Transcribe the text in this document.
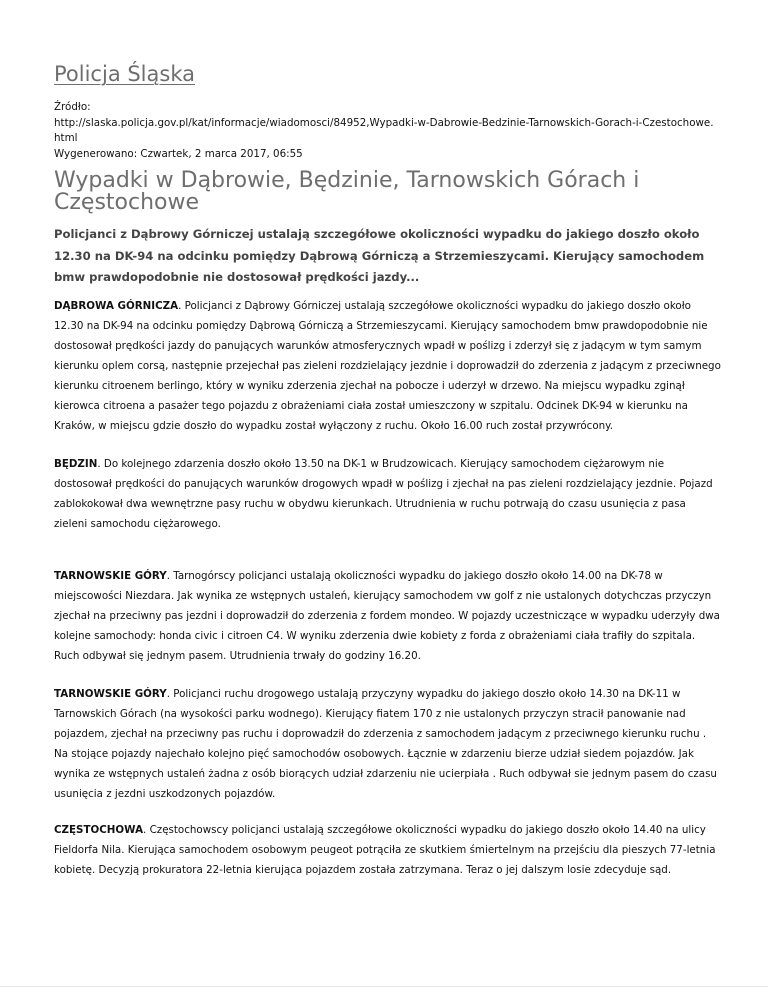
Policja Śląska
Źródło:
http://slaska.policja.gov.pl/kat/informacje/wiadomosci/84952,Wypadki-w-Dabrowie-Bedzinie-Tarnowskich-Gorach-i-Czestochowe.html
Wygenerowano: Czwartek, 2 marca 2017, 06:55
Wypadki w Dąbrowie, Będzinie, Tarnowskich Górach i Częstochowe

Policjanci z Dąbrowy Górniczej ustalają szczegółowe okoliczności wypadku do jakiego doszło około 12.30 na DK-94 na odcinku pomiędzy Dąbrową Górniczą a Strzemieszycami. Kierujący samochodem bmw prawdopodobnie nie dostosował prędkości jazdy...

DĄBROWA GÓRNICZA. Policjanci z Dąbrowy Górniczej ustalają szczegółowe okoliczności wypadku do jakiego doszło około 12.30 na DK-94 na odcinku pomiędzy Dąbrową Górniczą a Strzemieszycami. Kierujący samochodem bmw prawdopodobnie nie dostosował prędkości jazdy do panujących warunków atmosferycznych wpadł w poślizg i zderzył się z jadącym w tym samym kierunku oplem corsą, następnie przejechał pas zieleni rozdzielający jezdnie i doprowadził do zderzenia z jadącym z przeciwnego kierunku citroenem berlingo, który w wyniku zderzenia zjechał na pobocze i uderzył w drzewo. Na miejscu wypadku zginął kierowca citroena a pasażer tego pojazdu z obrażeniami ciała został umieszczony w szpitalu. Odcinek DK-94 w kierunku na Kraków, w miejscu gdzie doszło do wypadku został wyłączony z ruchu. Około 16.00 ruch został przywrócony.

BĘDZIN. Do kolejnego zdarzenia doszło około 13.50 na DK-1 w Brudzowicach. Kierujący samochodem ciężarowym nie dostosował prędkości do panujących warunków drogowych wpadł w poślizg i zjechał na pas zieleni rozdzielający jezdnie. Pojazd zablokokował dwa wewnętrzne pasy ruchu w obydwu kierunkach. Utrudnienia w ruchu potrwają do czasu usunięcia z pasa zieleni samochodu ciężarowego.

TARNOWSKIE GÓRY. Tarnogórscy policjanci ustalają okoliczności wypadku do jakiego doszło około 14.00 na DK-78 w miejscowości Niezdara. Jak wynika ze wstępnych ustaleń, kierujący samochodem vw golf z nie ustalonych dotychczas przyczyn zjechał na przeciwny pas jezdni i doprowadził do zderzenia z fordem mondeo. W pojazdy uczestniczące w wypadku uderzyły dwa kolejne samochody: honda civic i citroen C4. W wyniku zderzenia dwie kobiety z forda z obrażeniami ciała trafiły do szpitala. Ruch odbywał się jednym pasem. Utrudnienia trwały do godziny 16.20.

TARNOWSKIE GÓRY. Policjanci ruchu drogowego ustalają przyczyny wypadku do jakiego doszło około 14.30 na DK-11 w Tarnowskich Górach (na wysokości parku wodnego). Kierujący fiatem 170 z nie ustalonych przyczyn stracił panowanie nad pojazdem, zjechał na przeciwny pas ruchu i doprowadził do zderzenia z samochodem jadącym z przeciwnego kierunku ruchu . Na stojące pojazdy najechało kolejno pięć samochodów osobowych. Łącznie w zdarzeniu bierze udział siedem pojazdów. Jak wynika ze wstępnych ustaleń żadna z osób biorących udział zdarzeniu nie ucierpiała . Ruch odbywał sie jednym pasem do czasu usunięcia z jezdni uszkodzonych pojazdów.

CZĘSTOCHOWA. Częstochowscy policjanci ustalają szczegółowe okoliczności wypadku do jakiego doszło około 14.40 na ulicy Fieldorfa Nila. Kierująca samochodem osobowym peugeot potrąciła ze skutkiem śmiertelnym na przejściu dla pieszych 77-letnia kobietę. Decyzją prokuratora 22-letnia kierująca pojazdem została zatrzymana. Teraz o jej dalszym losie zdecyduje sąd.
